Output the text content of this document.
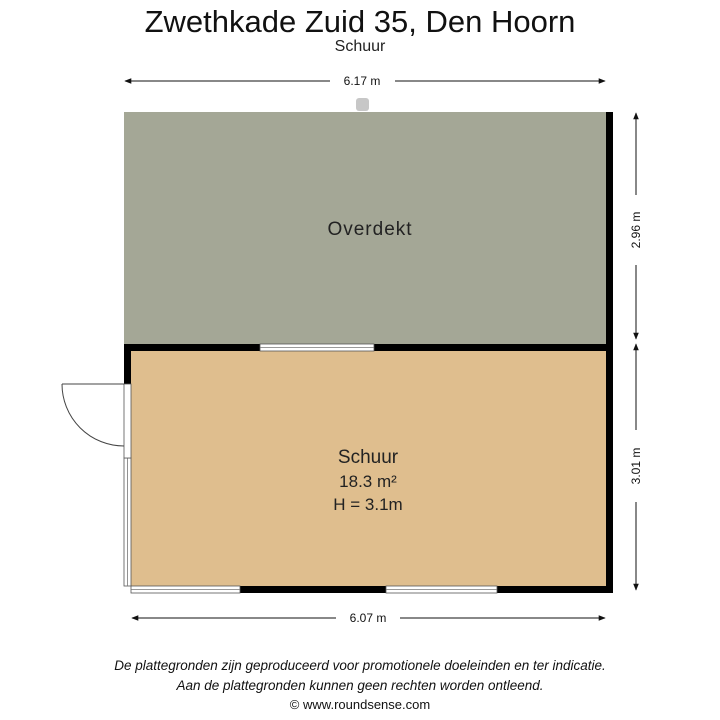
Zwethkade Zuid 35, Den Hoorn
Schuur
6.17 m
Overdekt
Schuur
18.3 m²
H = 3.1m
2.96 m
3.01 m
6.07 m
De plattegronden zijn geproduceerd voor promotionele doeleinden en ter indicatie.
Aan de plattegronden kunnen geen rechten worden ontleend.
© www.roundsense.com
